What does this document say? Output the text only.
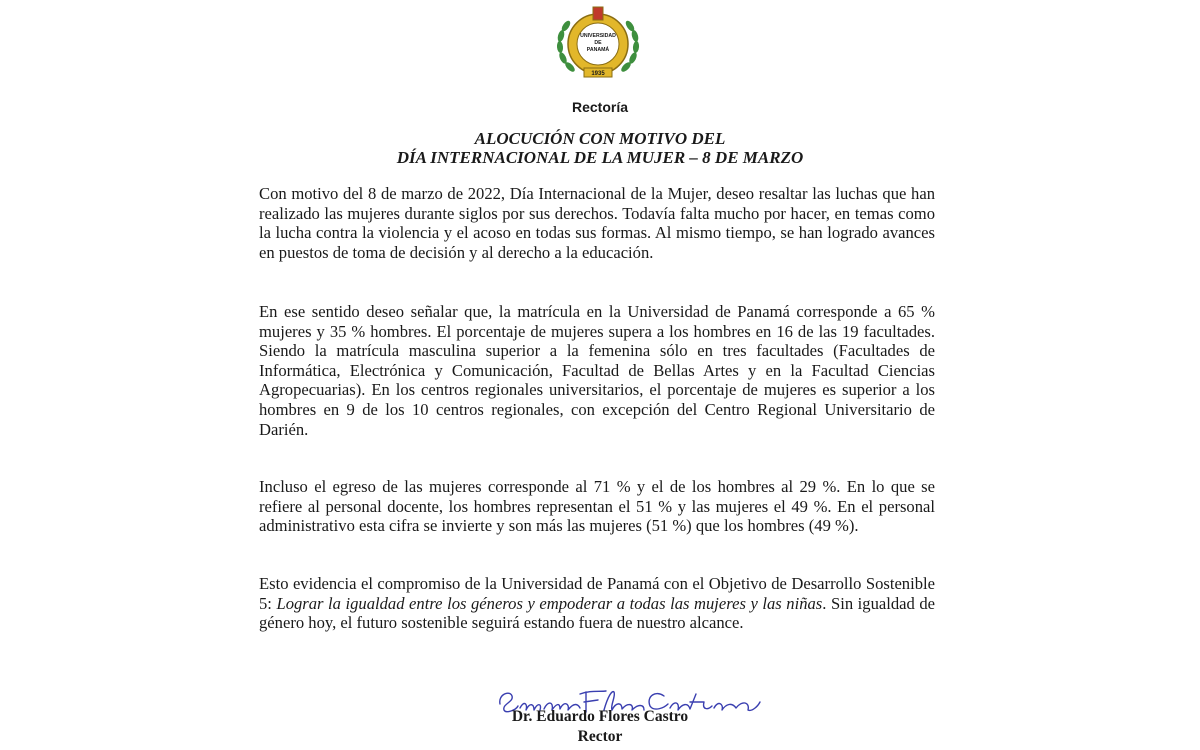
UNIVERSIDAD
DE
PANAMÁ
1935
Rectoría
ALOCUCIÓN CON MOTIVO DEL
DÍA INTERNACIONAL DE LA MUJER – 8 DE MARZO

Con motivo del 8 de marzo de 2022, Día Internacional de la Mujer, deseo resaltar las luchas que han realizado las mujeres durante siglos por sus derechos. Todavía falta mucho por hacer, en temas como la lucha contra la violencia y el acoso en todas sus formas. Al mismo tiempo, se han logrado avances en puestos de toma de decisión y al derecho a la educación.

En ese sentido deseo señalar que, la matrícula en la Universidad de Panamá corresponde a 65 % mujeres y 35 % hombres. El porcentaje de mujeres supera a los hombres en 16 de las 19 facultades. Siendo la matrícula masculina superior a la femenina sólo en tres facultades (Facultades de Informática, Electrónica y Comunicación, Facultad de Bellas Artes y en la Facultad Ciencias Agropecuarias). En los centros regionales universitarios, el porcentaje de mujeres es superior a los hombres en 9 de los 10 centros regionales, con excepción del Centro Regional Universitario de Darién.

Incluso el egreso de las mujeres corresponde al 71 % y el de los hombres al 29 %. En lo que se refiere al personal docente, los hombres representan el 51 % y las mujeres el 49 %. En el personal administrativo esta cifra se invierte y son más las mujeres (51 %) que los hombres (49 %).

Esto evidencia el compromiso de la Universidad de Panamá con el Objetivo de Desarrollo Sostenible 5: Lograr la igualdad entre los géneros y empoderar a todas las mujeres y las niñas. Sin igualdad de género hoy, el futuro sostenible seguirá estando fuera de nuestro alcance.

Dr. Eduardo Flores Castro
Rector
